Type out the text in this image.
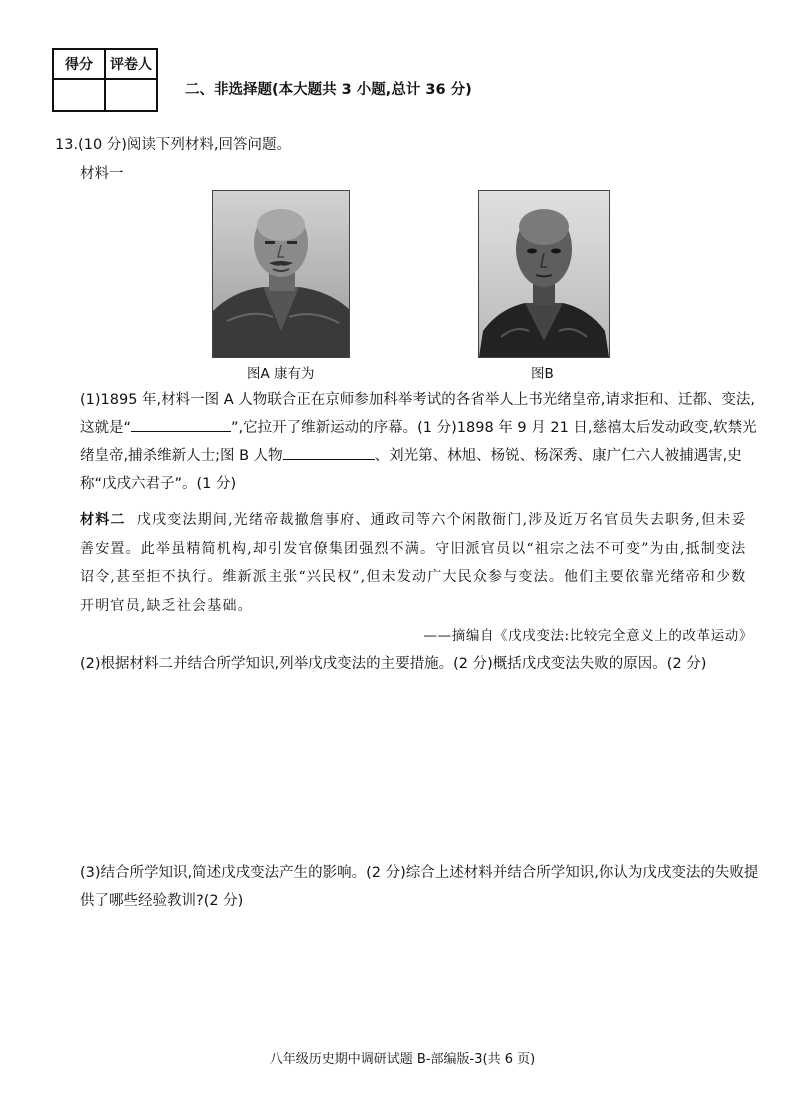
得分	评卷人

二、非选择题(本大题共 3 小题,总计 36 分)
13.(10 分)阅读下列材料,回答问题。
材料一
图A 康有为	图B
(1)1895 年,材料一图 A 人物联合正在京师参加科举考试的各省举人上书光绪皇帝,请求拒和、迁都、变法,这就是“	”,它拉开了维新运动的序幕。(1 分)1898 年 9 月 21 日,慈禧太后发动政变,软禁光绪皇帝,捕杀维新人士;图 B 人物	、刘光第、林旭、杨锐、杨深秀、康广仁六人被捕遇害,史称“戊戌六君子”。(1 分)
材料二 戊戌变法期间,光绪帝裁撤詹事府、通政司等六个闲散衙门,涉及近万名官员失去职务,但未妥善安置。此举虽精简机构,却引发官僚集团强烈不满。守旧派官员以“祖宗之法不可变”为由,抵制变法诏令,甚至拒不执行。维新派主张“兴民权”,但未发动广大民众参与变法。他们主要依靠光绪帝和少数开明官员,缺乏社会基础。
——摘编自《戊戌变法:比较完全意义上的改革运动》
(2)根据材料二并结合所学知识,列举戊戌变法的主要措施。(2 分)概括戊戌变法失败的原因。(2 分)
(3)结合所学知识,简述戊戌变法产生的影响。(2 分)综合上述材料并结合所学知识,你认为戊戌变法的失败提供了哪些经验教训?(2 分)
八年级历史期中调研试题 B-部编版-3(共 6 页)
